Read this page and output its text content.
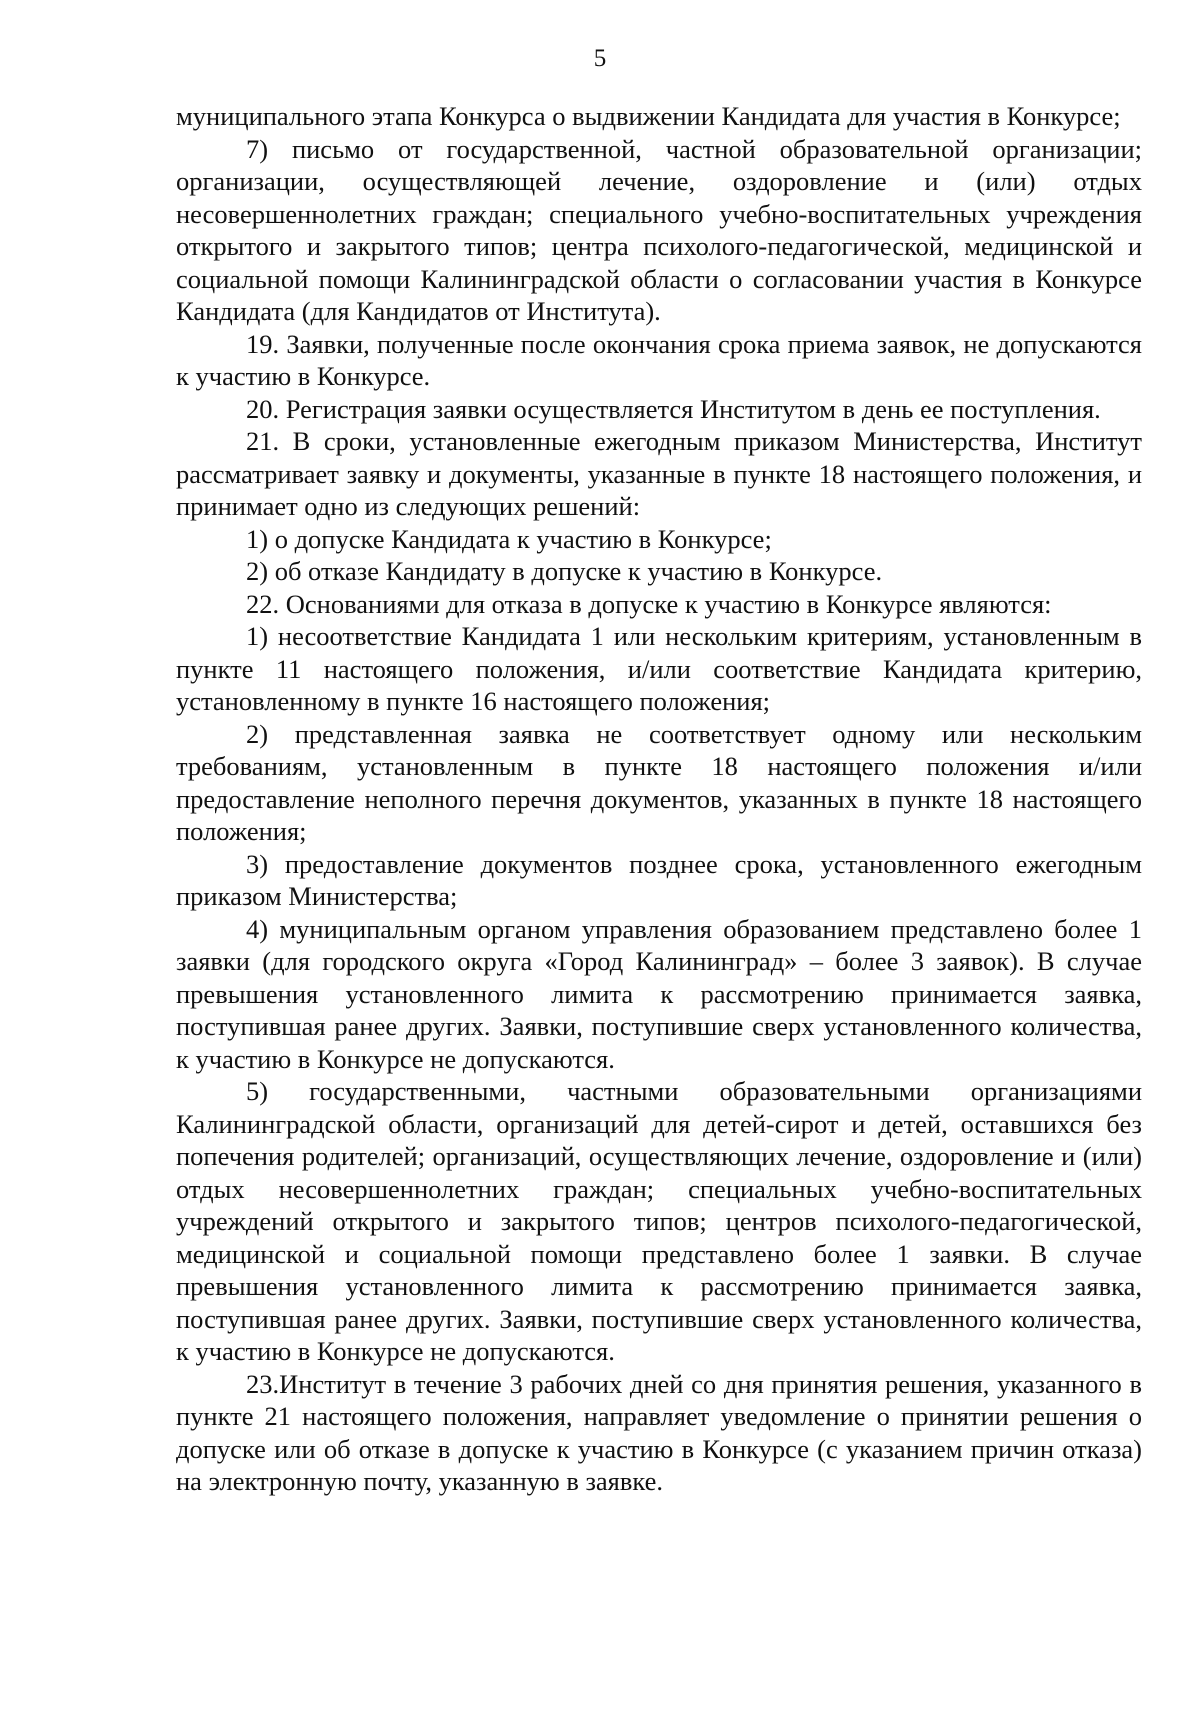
5

муниципального этапа Конкурса о выдвижении Кандидата для участия в Конкурсе;

7) письмо от государственной, частной образовательной организации; организации, осуществляющей лечение, оздоровление и (или) отдых несовершеннолетних граждан; специального учебно-воспитательных учреждения открытого и закрытого типов; центра психолого-педагогической, медицинской и социальной помощи Калининградской области о согласовании участия в Конкурсе Кандидата (для Кандидатов от Института).

19. Заявки, полученные после окончания срока приема заявок, не допускаются к участию в Конкурсе.

20. Регистрация заявки осуществляется Институтом в день ее поступления.

21. В сроки, установленные ежегодным приказом Министерства, Институт рассматривает заявку и документы, указанные в пункте 18 настоящего положения, и принимает одно из следующих решений:

1) о допуске Кандидата к участию в Конкурсе;

2) об отказе Кандидату в допуске к участию в Конкурсе.

22. Основаниями для отказа в допуске к участию в Конкурсе являются:

1) несоответствие Кандидата 1 или нескольким критериям, установленным в пункте 11 настоящего положения, и/или соответствие Кандидата критерию, установленному в пункте 16 настоящего положения;

2) представленная заявка не соответствует одному или нескольким требованиям, установленным в пункте 18 настоящего положения и/или предоставление неполного перечня документов, указанных в пункте 18 настоящего положения;

3) предоставление документов позднее срока, установленного ежегодным приказом Министерства;

4) муниципальным органом управления образованием представлено более 1 заявки (для городского округа «Город Калининград» – более 3 заявок). В случае превышения установленного лимита к рассмотрению принимается заявка, поступившая ранее других. Заявки, поступившие сверх установленного количества, к участию в Конкурсе не допускаются.

5) государственными, частными образовательными организациями Калининградской области, организаций для детей-сирот и детей, оставшихся без попечения родителей; организаций, осуществляющих лечение, оздоровление и (или) отдых несовершеннолетних граждан; специальных учебно-воспитательных учреждений открытого и закрытого типов; центров психолого-педагогической, медицинской и социальной помощи представлено более 1 заявки. В случае превышения установленного лимита к рассмотрению принимается заявка, поступившая ранее других. Заявки, поступившие сверх установленного количества, к участию в Конкурсе не допускаются.

23.Институт в течение 3 рабочих дней со дня принятия решения, указанного в пункте 21 настоящего положения, направляет уведомление о принятии решения о допуске или об отказе в допуске к участию в Конкурсе (с указанием причин отказа) на электронную почту, указанную в заявке.
